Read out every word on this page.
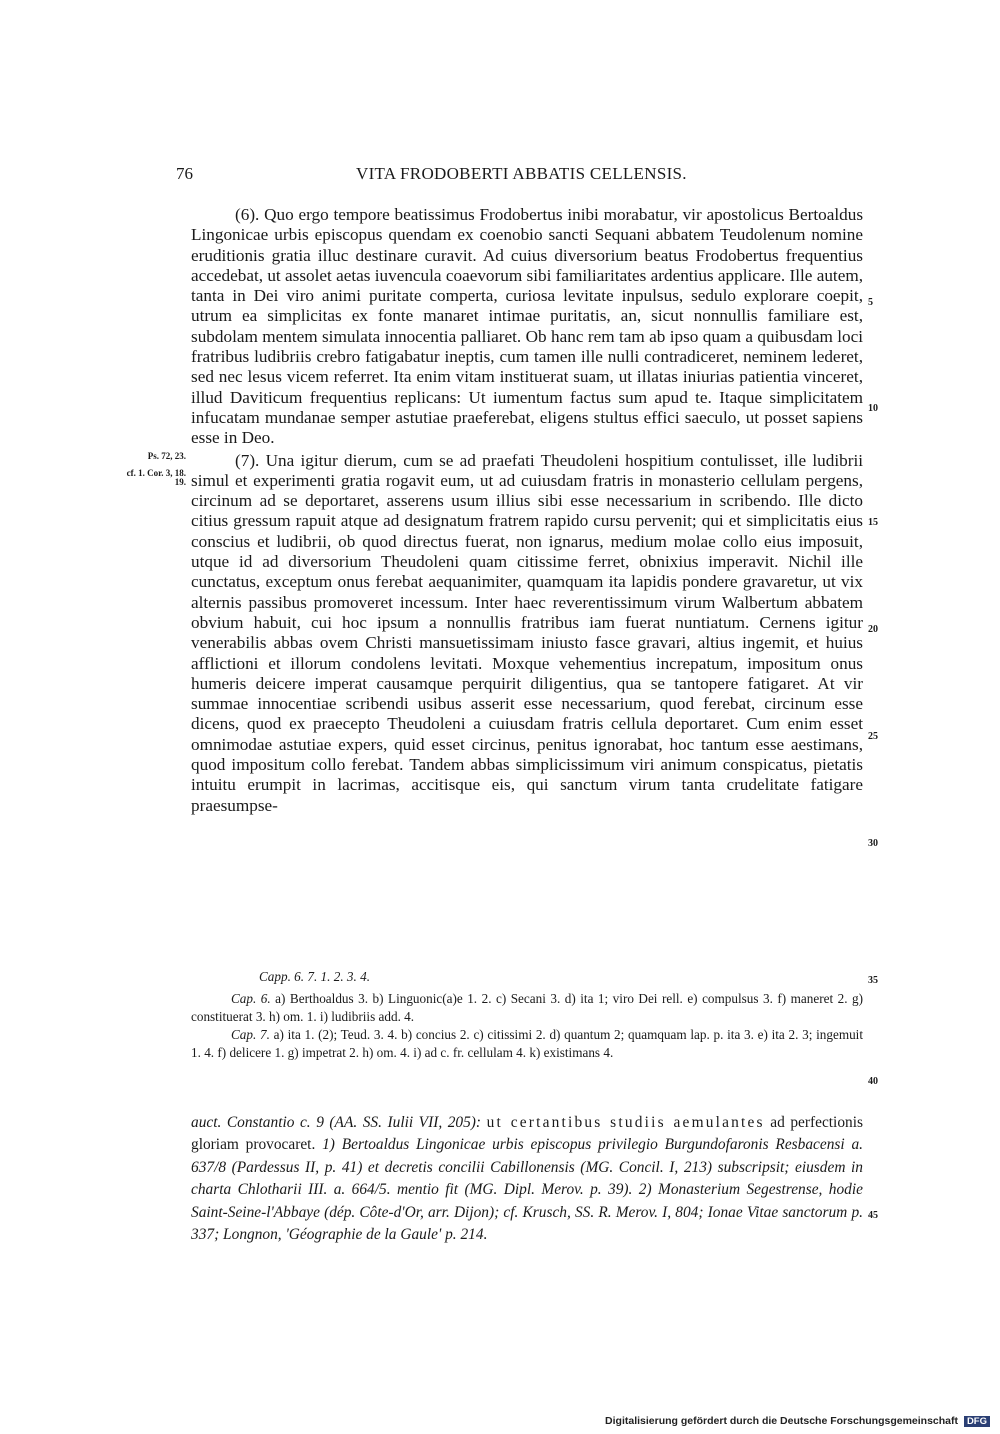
76	VITA FRODOBERTI ABBATIS CELLENSIS.
Ps. 72, 23.
cf. 1. Cor. 3, 18. 19.
5
10
15
20
25
30
35
40
45

(6). Quo ergo tempore beatissimus Frodobertus inibi morabatur, vir apostolicus Bertoaldus Lingonicae urbis episcopus quendam ex coenobio sancti Sequani abbatem Teudolenum nomine eruditionis gratia illuc destinare curavit. Ad cuius diversorium beatus Frodobertus frequentius accedebat, ut assolet aetas iuvencula coaevorum sibi familiaritates ardentius applicare. Ille autem, tanta in Dei viro animi puritate comperta, curiosa levitate inpulsus, sedulo explorare coepit, utrum ea simplicitas ex fonte manaret intimae puritatis, an, sicut nonnullis familiare est, subdolam mentem simulata innocentia palliaret. Ob hanc rem tam ab ipso quam a quibusdam loci fratribus ludibriis crebro fatigabatur ineptis, cum tamen ille nulli contradiceret, neminem lederet, sed nec lesus vicem referret. Ita enim vitam instituerat suam, ut illatas iniurias patientia vinceret, illud Daviticum frequentius replicans: Ut iumentum factus sum apud te. Itaque simplicitatem infucatam mundanae semper astutiae praeferebat, eligens stultus effici saeculo, ut posset sapiens esse in Deo.

(7). Una igitur dierum, cum se ad praefati Theudoleni hospitium contulisset, ille ludibrii simul et experimenti gratia rogavit eum, ut ad cuiusdam fratris in monasterio cellulam pergens, circinum ad se deportaret, asserens usum illius sibi esse necessarium in scribendo. Ille dicto citius gressum rapuit atque ad designatum fratrem rapido cursu pervenit; qui et simplicitatis eius conscius et ludibrii, ob quod directus fuerat, non ignarus, medium molae collo eius imposuit, utque id ad diversorium Theudoleni quam citissime ferret, obnixius imperavit. Nichil ille cunctatus, exceptum onus ferebat aequanimiter, quamquam ita lapidis pondere gravaretur, ut vix alternis passibus promoveret incessum. Inter haec reverentissimum virum Walbertum abbatem obvium habuit, cui hoc ipsum a nonnullis fratribus iam fuerat nuntiatum. Cernens igitur venerabilis abbas ovem Christi mansuetissimam iniusto fasce gravari, altius ingemit, et huius afflictioni et illorum condolens levitati. Moxque vehementius increpatum, impositum onus humeris deicere imperat causamque perquirit diligentius, qua se tantopere fatigaret. At vir summae innocentiae scribendi usibus asserit esse necessarium, quod ferebat, circinum esse dicens, quod ex praecepto Theudoleni a cuiusdam fratris cellula deportaret. Cum enim esset omnimodae astutiae expers, quid esset circinus, penitus ignorabat, hoc tantum esse aestimans, quod impositum collo ferebat. Tandem abbas simplicissimum viri animum conspicatus, pietatis intuitu erumpit in lacrimas, accitisque eis, qui sanctum virum tanta crudelitate fatigare praesumpse-

Capp. 6. 7. 1. 2. 3. 4.

Cap. 6. a) Berthoaldus 3. b) Linguonic(a)e 1. 2. c) Secani 3. d) ita 1; viro Dei rell. e) compulsus 3. f) maneret 2. g) constituerat 3. h) om. 1. i) ludibriis add. 4.

Cap. 7. a) ita 1. (2); Teud. 3. 4. b) concius 2. c) citissimi 2. d) quantum 2; quamquam lap. p. ita 3. e) ita 2. 3; ingemuit 1. 4. f) delicere 1. g) impetrat 2. h) om. 4. i) ad c. fr. cellulam 4. k) existimans 4.

auct. Constantio c. 9 (AA. SS. Iulii VII, 205): ut certantibus studiis aemulantes ad perfectionis gloriam provocaret. 1) Bertoaldus Lingonicae urbis episcopus privilegio Burgundofaronis Resbacensi a. 637/8 (Pardessus II, p. 41) et decretis concilii Cabillonensis (MG. Concil. I, 213) subscripsit; eiusdem in charta Chlotharii III. a. 664/5. mentio fit (MG. Dipl. Merov. p. 39). 2) Monasterium Segestrense, hodie Saint-Seine-l'Abbaye (dép. Côte-d'Or, arr. Dijon); cf. Krusch, SS. R. Merov. I, 804; Ionae Vitae sanctorum p. 337; Longnon, 'Géographie de la Gaule' p. 214.
Digitalisierung gefördert durch die Deutsche Forschungsgemeinschaft DFG
